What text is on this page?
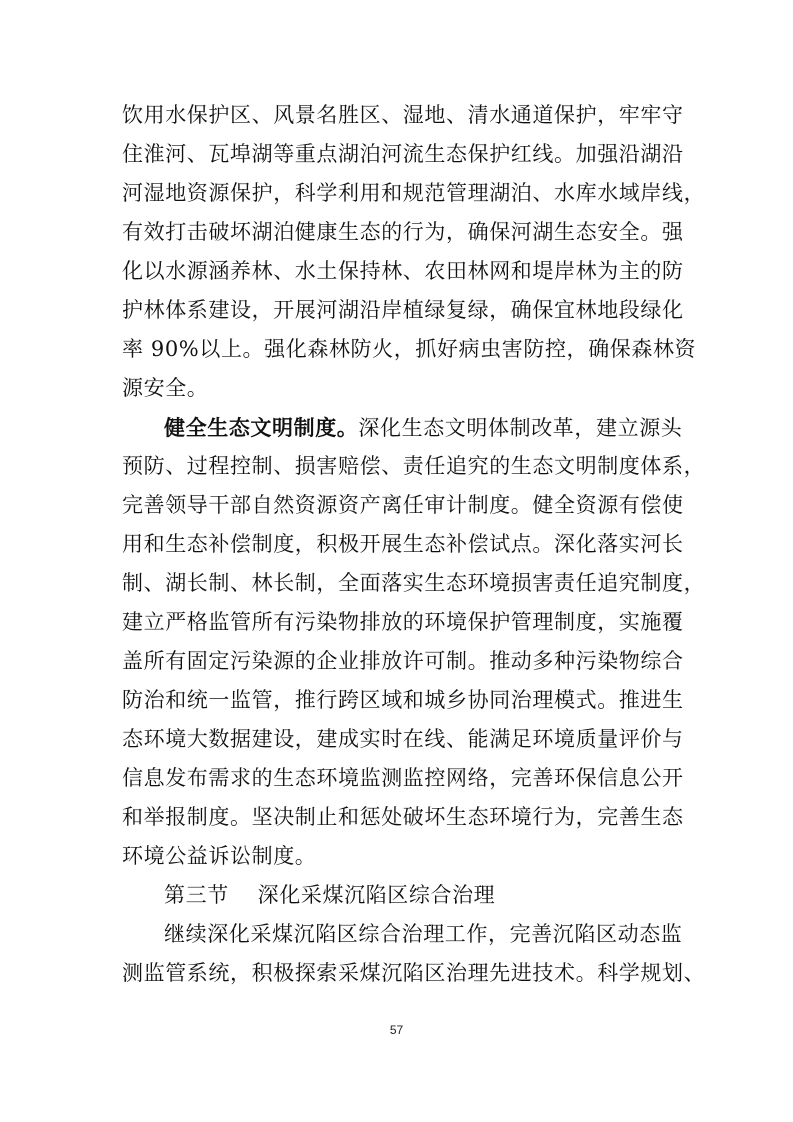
饮用水保护区、风景名胜区、湿地、清水通道保护，牢牢守
住淮河、瓦埠湖等重点湖泊河流生态保护红线。加强沿湖沿
河湿地资源保护，科学利用和规范管理湖泊、水库水域岸线，
有效打击破坏湖泊健康生态的行为，确保河湖生态安全。强
化以水源涵养林、水土保持林、农田林网和堤岸林为主的防
护林体系建设，开展河湖沿岸植绿复绿，确保宜林地段绿化
率 90%以上。强化森林防火，抓好病虫害防控，确保森林资
源安全。
健全生态文明制度。深化生态文明体制改革，建立源头
预防、过程控制、损害赔偿、责任追究的生态文明制度体系，
完善领导干部自然资源资产离任审计制度。健全资源有偿使
用和生态补偿制度，积极开展生态补偿试点。深化落实河长
制、湖长制、林长制，全面落实生态环境损害责任追究制度，
建立严格监管所有污染物排放的环境保护管理制度，实施覆
盖所有固定污染源的企业排放许可制。推动多种污染物综合
防治和统一监管，推行跨区域和城乡协同治理模式。推进生
态环境大数据建设，建成实时在线、能满足环境质量评价与
信息发布需求的生态环境监测监控网络，完善环保信息公开
和举报制度。坚决制止和惩处破坏生态环境行为，完善生态
环境公益诉讼制度。
第三节　 深化采煤沉陷区综合治理
继续深化采煤沉陷区综合治理工作，完善沉陷区动态监
测监管系统，积极探索采煤沉陷区治理先进技术。科学规划、
57
